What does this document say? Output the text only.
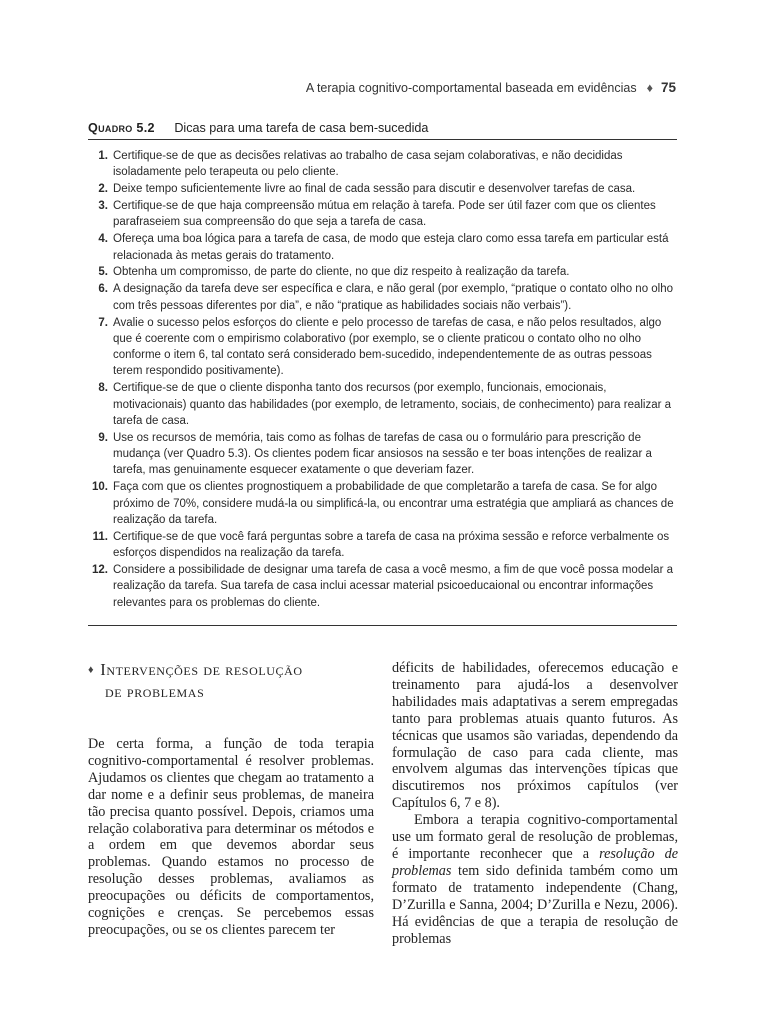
A terapia cognitivo-comportamental baseada em evidências ♦ 75
Quadro 5.2 Dicas para uma tarefa de casa bem-sucedida
1. Certifique-se de que as decisões relativas ao trabalho de casa sejam colaborativas, e não decididas isoladamente pelo terapeuta ou pelo cliente.
2. Deixe tempo suficientemente livre ao final de cada sessão para discutir e desenvolver tarefas de casa.
3. Certifique-se de que haja compreensão mútua em relação à tarefa. Pode ser útil fazer com que os clientes parafraseiem sua compreensão do que seja a tarefa de casa.
4. Ofereça uma boa lógica para a tarefa de casa, de modo que esteja claro como essa tarefa em particular está relacionada às metas gerais do tratamento.
5. Obtenha um compromisso, de parte do cliente, no que diz respeito à realização da tarefa.
6. A designação da tarefa deve ser específica e clara, e não geral (por exemplo, “pratique o contato olho no olho com três pessoas diferentes por dia”, e não “pratique as habilidades sociais não verbais”).
7. Avalie o sucesso pelos esforços do cliente e pelo processo de tarefas de casa, e não pelos resultados, algo que é coerente com o empirismo colaborativo (por exemplo, se o cliente praticou o contato olho no olho conforme o item 6, tal contato será considerado bem-sucedido, independentemente de as outras pessoas terem respondido positivamente).
8. Certifique-se de que o cliente disponha tanto dos recursos (por exemplo, funcionais, emocionais, motivacionais) quanto das habilidades (por exemplo, de letramento, sociais, de conhecimento) para realizar a tarefa de casa.
9. Use os recursos de memória, tais como as folhas de tarefas de casa ou o formulário para prescrição de mudança (ver Quadro 5.3). Os clientes podem ficar ansiosos na sessão e ter boas intenções de realizar a tarefa, mas genuinamente esquecer exatamente o que deveriam fazer.
10. Faça com que os clientes prognostiquem a probabilidade de que completarão a tarefa de casa. Se for algo próximo de 70%, considere mudá-la ou simplificá-la, ou encontrar uma estratégia que ampliará as chances de realização da tarefa.
11. Certifique-se de que você fará perguntas sobre a tarefa de casa na próxima sessão e reforce verbalmente os esforços dispendidos na realização da tarefa.
12. Considere a possibilidade de designar uma tarefa de casa a você mesmo, a fim de que você possa modelar a realização da tarefa. Sua tarefa de casa inclui acessar material psicoeducaional ou encontrar informações relevantes para os problemas do cliente.
♦ Intervenções de resolução
de problemas

De certa forma, a função de toda terapia cognitivo-comportamental é resolver problemas. Ajudamos os clientes que chegam ao tratamento a dar nome e a definir seus problemas, de maneira tão precisa quanto possível. Depois, criamos uma relação colaborativa para determinar os métodos e a ordem em que devemos abordar seus problemas. Quando estamos no processo de resolução desses problemas, avaliamos as preocupações ou déficits de comportamentos, cognições e crenças. Se percebemos essas preocupações, ou se os clientes parecem ter

déficits de habilidades, oferecemos educação e treinamento para ajudá-los a desenvolver habilidades mais adaptativas a serem empregadas tanto para problemas atuais quanto futuros. As técnicas que usamos são variadas, dependendo da formulação de caso para cada cliente, mas envolvem algumas das intervenções típicas que discutiremos nos próximos capítulos (ver Capítulos 6, 7 e 8).

Embora a terapia cognitivo-comportamental use um formato geral de resolução de problemas, é importante reconhecer que a resolução de problemas tem sido definida também como um formato de tratamento independente (Chang, D’Zurilla e Sanna, 2004; D’Zurilla e Nezu, 2006). Há evidências de que a terapia de resolução de problemas
